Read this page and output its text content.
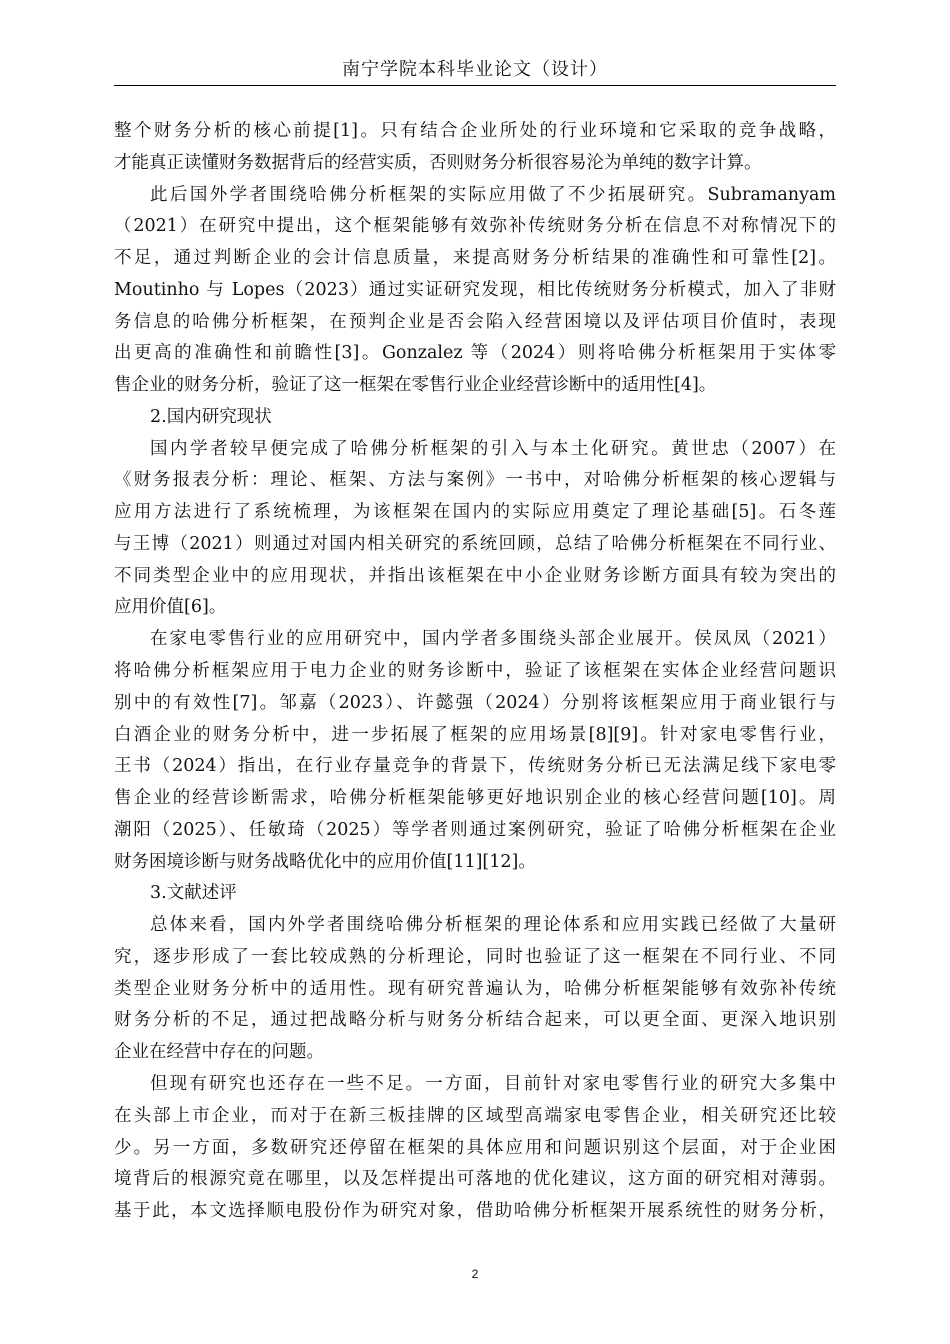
南宁学院本科毕业论文（设计）
整个财务分析的核心前提[1]。只有结合企业所处的行业环境和它采取的竞争战略，
才能真正读懂财务数据背后的经营实质，否则财务分析很容易沦为单纯的数字计算。
此后国外学者围绕哈佛分析框架的实际应用做了不少拓展研究。Subramanyam
（2021）在研究中提出，这个框架能够有效弥补传统财务分析在信息不对称情况下的
不足，通过判断企业的会计信息质量，来提高财务分析结果的准确性和可靠性[2]。
Moutinho 与 Lopes（2023）通过实证研究发现，相比传统财务分析模式，加入了非财
务信息的哈佛分析框架，在预判企业是否会陷入经营困境以及评估项目价值时，表现
出更高的准确性和前瞻性[3]。Gonzalez 等（2024）则将哈佛分析框架用于实体零
售企业的财务分析，验证了这一框架在零售行业企业经营诊断中的适用性[4]。
2.国内研究现状
国内学者较早便完成了哈佛分析框架的引入与本土化研究。黄世忠（2007）在
《财务报表分析：理论、框架、方法与案例》一书中，对哈佛分析框架的核心逻辑与
应用方法进行了系统梳理，为该框架在国内的实际应用奠定了理论基础[5]。石冬莲
与王博（2021）则通过对国内相关研究的系统回顾，总结了哈佛分析框架在不同行业、
不同类型企业中的应用现状，并指出该框架在中小企业财务诊断方面具有较为突出的
应用价值[6]。
在家电零售行业的应用研究中，国内学者多围绕头部企业展开。侯凤凤（2021）
将哈佛分析框架应用于电力企业的财务诊断中，验证了该框架在实体企业经营问题识
别中的有效性[7]。邹嘉（2023）、许懿强（2024）分别将该框架应用于商业银行与
白酒企业的财务分析中，进一步拓展了框架的应用场景[8][9]。针对家电零售行业，
王书（2024）指出，在行业存量竞争的背景下，传统财务分析已无法满足线下家电零
售企业的经营诊断需求，哈佛分析框架能够更好地识别企业的核心经营问题[10]。周
潮阳（2025）、任敏琦（2025）等学者则通过案例研究，验证了哈佛分析框架在企业
财务困境诊断与财务战略优化中的应用价值[11][12]。
3.文献述评
总体来看，国内外学者围绕哈佛分析框架的理论体系和应用实践已经做了大量研
究，逐步形成了一套比较成熟的分析理论，同时也验证了这一框架在不同行业、不同
类型企业财务分析中的适用性。现有研究普遍认为，哈佛分析框架能够有效弥补传统
财务分析的不足，通过把战略分析与财务分析结合起来，可以更全面、更深入地识别
企业在经营中存在的问题。
但现有研究也还存在一些不足。一方面，目前针对家电零售行业的研究大多集中
在头部上市企业，而对于在新三板挂牌的区域型高端家电零售企业，相关研究还比较
少。另一方面，多数研究还停留在框架的具体应用和问题识别这个层面，对于企业困
境背后的根源究竟在哪里，以及怎样提出可落地的优化建议，这方面的研究相对薄弱。
基于此，本文选择顺电股份作为研究对象，借助哈佛分析框架开展系统性的财务分析，
2
